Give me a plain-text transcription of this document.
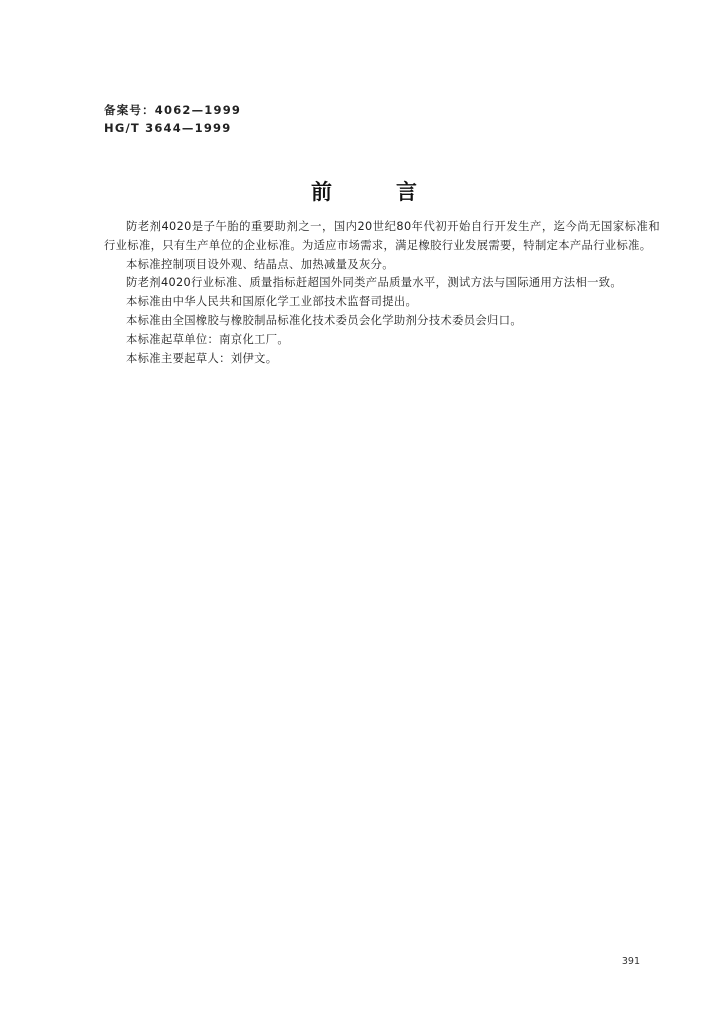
备案号：4062—1999
HG/T 3644—1999
前言

防老剂4020是子午胎的重要助剂之一，国内20世纪80年代初开始自行开发生产，迄今尚无国家标准和行业标准，只有生产单位的企业标准。为适应市场需求，满足橡胶行业发展需要，特制定本产品行业标准。

本标准控制项目设外观、结晶点、加热减量及灰分。

防老剂4020行业标准、质量指标赶超国外同类产品质量水平，测试方法与国际通用方法相一致。

本标准由中华人民共和国原化学工业部技术监督司提出。

本标准由全国橡胶与橡胶制品标准化技术委员会化学助剂分技术委员会归口。

本标准起草单位：南京化工厂。

本标准主要起草人：刘伊文。

391
